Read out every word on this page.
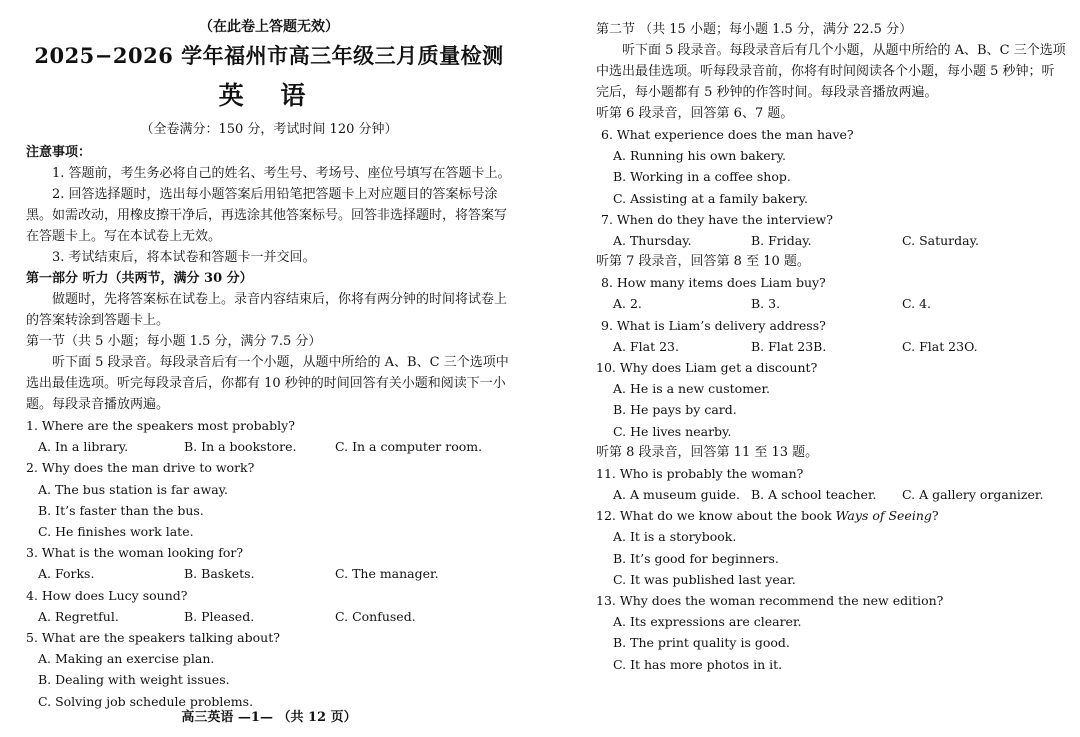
（在此卷上答题无效）
2025−2026 学年福州市高三年级三月质量检测
英 语
（全卷满分：150 分，考试时间 120 分钟）
注意事项：
1. 答题前，考生务必将自己的姓名、考生号、考场号、座位号填写在答题卡上。
2. 回答选择题时，选出每小题答案后用铅笔把答题卡上对应题目的答案标号涂黑。如需改动，用橡皮擦干净后，再选涂其他答案标号。回答非选择题时，将答案写在答题卡上。写在本试卷上无效。
3. 考试结束后，将本试卷和答题卡一并交回。
第一部分 听力（共两节，满分 30 分）
做题时，先将答案标在试卷上。录音内容结束后，你将有两分钟的时间将试卷上的答案转涂到答题卡上。
第一节（共 5 小题；每小题 1.5 分，满分 7.5 分）
听下面 5 段录音。每段录音后有一个小题，从题中所给的 A、B、C 三个选项中选出最佳选项。听完每段录音后，你都有 10 秒钟的时间回答有关小题和阅读下一小题。每段录音播放两遍。
1. Where are the speakers most probably?
A. In a library.	B. In a bookstore.	C. In a computer room.
2. Why does the man drive to work?
A. The bus station is far away.
B. It’s faster than the bus.
C. He finishes work late.
3. What is the woman looking for?
A. Forks.	B. Baskets.	C. The manager.
4. How does Lucy sound?
A. Regretful.	B. Pleased.	C. Confused.
5. What are the speakers talking about?
A. Making an exercise plan.
B. Dealing with weight issues.
C. Solving job schedule problems.
高三英语 —1— （共 12 页）
第二节 （共 15 小题；每小题 1.5 分，满分 22.5 分）
听下面 5 段录音。每段录音后有几个小题，从题中所给的 A、B、C 三个选项中选出最佳选项。听每段录音前，你将有时间阅读各个小题，每小题 5 秒钟；听完后，每小题都有 5 秒钟的作答时间。每段录音播放两遍。
听第 6 段录音，回答第 6、7 题。
6. What experience does the man have?
A. Running his own bakery.
B. Working in a coffee shop.
C. Assisting at a family bakery.
7. When do they have the interview?
A. Thursday.	B. Friday.	C. Saturday.
听第 7 段录音，回答第 8 至 10 题。
8. How many items does Liam buy?
A. 2.	B. 3.	C. 4.
9. What is Liam’s delivery address?
A. Flat 23.	B. Flat 23B.	C. Flat 23O.
10. Why does Liam get a discount?
A. He is a new customer.
B. He pays by card.
C. He lives nearby.
听第 8 段录音，回答第 11 至 13 题。
11. Who is probably the woman?
A. A museum guide. B. A school teacher.	C. A gallery organizer.
12. What do we know about the book Ways of Seeing?
A. It is a storybook.
B. It’s good for beginners.
C. It was published last year.
13. Why does the woman recommend the new edition?
A. Its expressions are clearer.
B. The print quality is good.
C. It has more photos in it.
